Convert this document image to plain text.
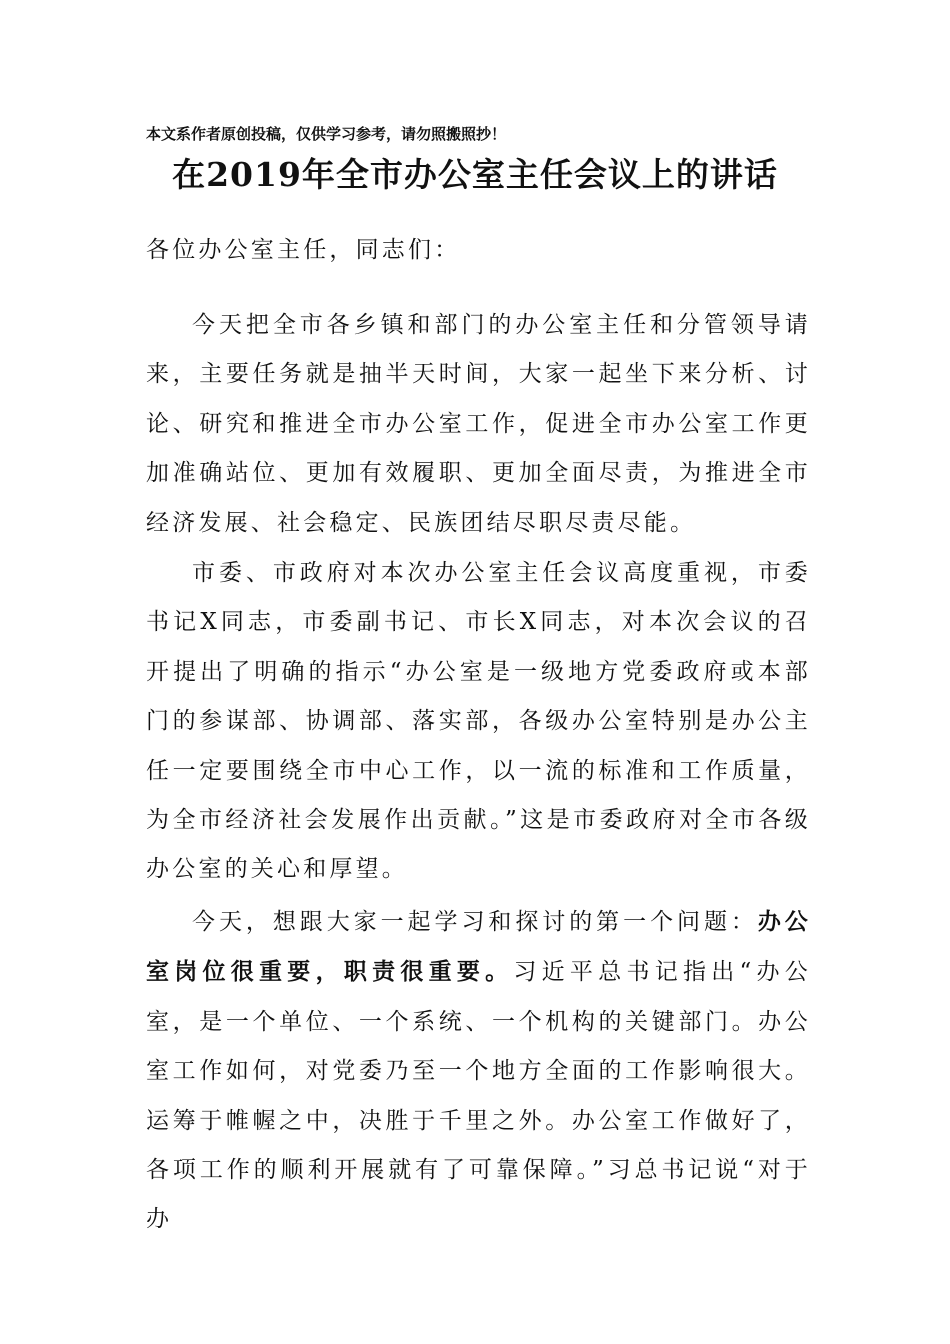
本文系作者原创投稿，仅供学习参考，请勿照搬照抄！
在2019年全市办公室主任会议上的讲话
各位办公室主任，同志们：
今天把全市各乡镇和部门的办公室主任和分管领导请来，主要任务就是抽半天时间，大家一起坐下来分析、讨论、研究和推进全市办公室工作，促进全市办公室工作更加准确站位、更加有效履职、更加全面尽责，为推进全市经济发展、社会稳定、民族团结尽职尽责尽能。
市委、市政府对本次办公室主任会议高度重视，市委书记X同志，市委副书记、市长X同志，对本次会议的召开提出了明确的指示“办公室是一级地方党委政府或本部门的参谋部、协调部、落实部，各级办公室特别是办公主任一定要围绕全市中心工作，以一流的标准和工作质量，为全市经济社会发展作出贡献。”这是市委政府对全市各级办公室的关心和厚望。
今天，想跟大家一起学习和探讨的第一个问题：办公室岗位很重要，职责很重要。习近平总书记指出“办公室，是一个单位、一个系统、一个机构的关键部门。办公室工作如何，对党委乃至一个地方全面的工作影响很大。运筹于帷幄之中，决胜于千里之外。办公室工作做好了，各项工作的顺利开展就有了可靠保障。”习总书记说“对于办
